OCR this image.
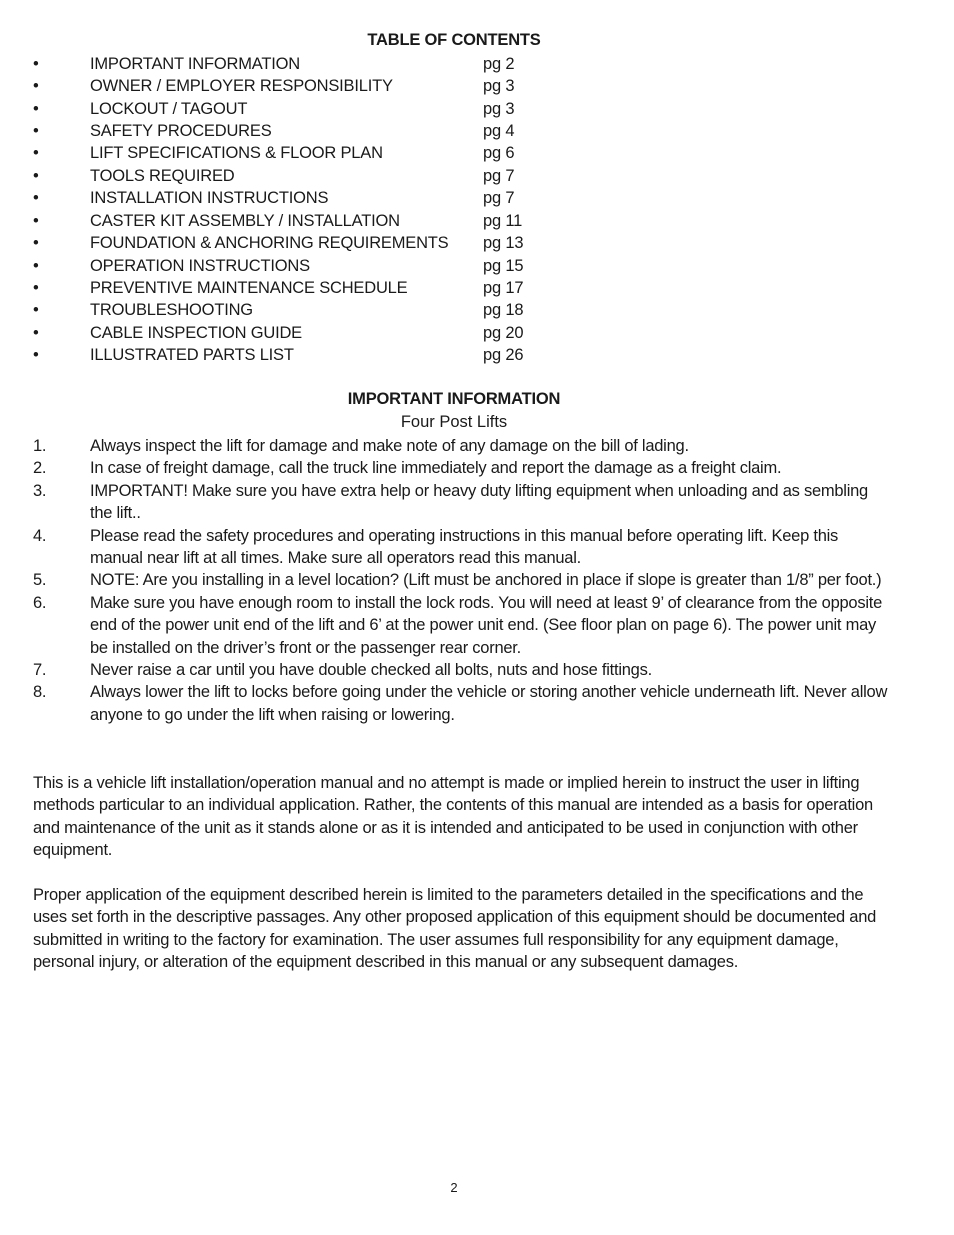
TABLE OF CONTENTS
•	IMPORTANT INFORMATION	pg 2
•	OWNER / EMPLOYER RESPONSIBILITY	pg 3
•	LOCKOUT / TAGOUT	pg 3
•	SAFETY PROCEDURES	pg 4
•	LIFT SPECIFICATIONS & FLOOR PLAN	pg 6
•	TOOLS REQUIRED	pg 7
•	INSTALLATION INSTRUCTIONS	pg 7
•	CASTER KIT ASSEMBLY / INSTALLATION	pg 11
•	FOUNDATION & ANCHORING REQUIREMENTS pg 13
•	OPERATION INSTRUCTIONS	pg 15
•	PREVENTIVE MAINTENANCE SCHEDULE	pg 17
•	TROUBLESHOOTING	pg 18
•	CABLE INSPECTION GUIDE	pg 20
•	ILLUSTRATED PARTS LIST	pg 26
IMPORTANT INFORMATION
Four Post Lifts
1.	Always inspect the lift for damage and make note of any damage on the bill of lading.
2.	In case of freight damage, call the truck line immediately and report the damage as a freight claim.
3.	IMPORTANT! Make sure you have extra help or heavy duty lifting equipment when unloading and as sembling the lift..
4.	Please read the safety procedures and operating instructions in this manual before operating lift. Keep this manual near lift at all times. Make sure all operators read this manual.
5.	NOTE: Are you installing in a level location? (Lift must be anchored in place if slope is greater than 1/8” per foot.)
6.	Make sure you have enough room to install the lock rods. You will need at least 9’ of clearance from the opposite end of the power unit end of the lift and 6’ at the power unit end. (See floor plan on page 6). The power unit may be installed on the driver’s front or the passenger rear corner.
7.	Never raise a car until you have double checked all bolts, nuts and hose fittings.
8.	Always lower the lift to locks before going under the vehicle or storing another vehicle underneath lift. Never allow anyone to go under the lift when raising or lowering.
This is a vehicle lift installation/operation manual and no attempt is made or implied herein to instruct the user in lifting methods particular to an individual application. Rather, the contents of this manual are intended as a basis for operation and maintenance of the unit as it stands alone or as it is intended and anticipated to be used in conjunction with other equipment.
Proper application of the equipment described herein is limited to the parameters detailed in the specifications and the uses set forth in the descriptive passages. Any other proposed application of this equipment should be documented and submitted in writing to the factory for examination. The user assumes full responsibility for any equipment damage, personal injury, or alteration of the equipment described in this manual or any subsequent damages.
2
